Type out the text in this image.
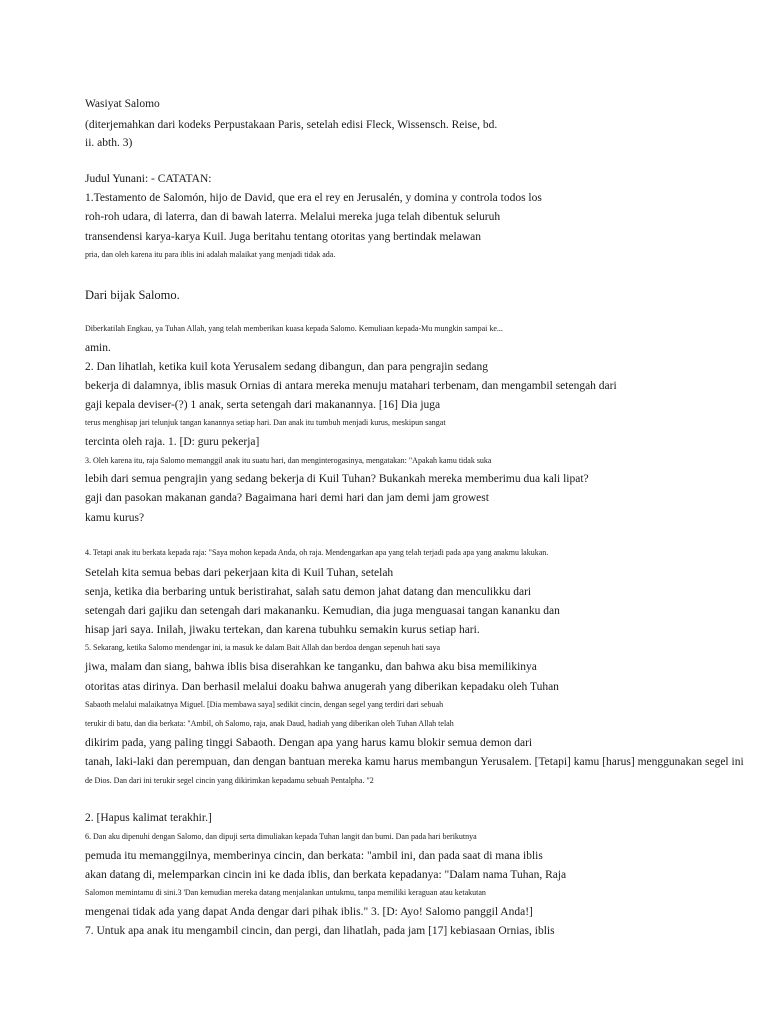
Wasiyat Salomo
(diterjemahkan dari kodeks Perpustakaan Paris, setelah edisi Fleck, Wissensch. Reise, bd.
ii. abth. 3)
Judul Yunani: - CATATAN:
1.Testamento de Salomón, hijo de David, que era el rey en Jerusalén, y domina y controla todos los
roh-roh udara, di laterra, dan di bawah laterra. Melalui mereka juga telah dibentuk seluruh
transendensi karya-karya Kuil. Juga beritahu tentang otoritas yang bertindak melawan
pria, dan oleh karena itu para iblis ini adalah malaikat yang menjadi tidak ada.
Dari bijak Salomo.
Diberkatilah Engkau, ya Tuhan Allah, yang telah memberikan kuasa kepada Salomo. Kemuliaan kepada-Mu mungkin sampai ke...
amin.
2. Dan lihatlah, ketika kuil kota Yerusalem sedang dibangun, dan para pengrajin sedang
bekerja di dalamnya, iblis masuk Ornias di antara mereka menuju matahari terbenam, dan mengambil setengah dari
gaji kepala deviser-(?) 1 anak, serta setengah dari makanannya. [16] Dia juga
terus menghisap jari telunjuk tangan kanannya setiap hari. Dan anak itu tumbuh menjadi kurus, meskipun sangat
tercinta oleh raja. 1. [D: guru pekerja]
3. Oleh karena itu, raja Salomo memanggil anak itu suatu hari, dan menginterogasinya, mengatakan: "Apakah kamu tidak suka
lebih dari semua pengrajin yang sedang bekerja di Kuil Tuhan? Bukankah mereka memberimu dua kali lipat?
gaji dan pasokan makanan ganda? Bagaimana hari demi hari dan jam demi jam growest
kamu kurus?
4. Tetapi anak itu berkata kepada raja: "Saya mohon kepada Anda, oh raja. Mendengarkan apa yang telah terjadi pada apa yang anakmu lakukan.
Setelah kita semua bebas dari pekerjaan kita di Kuil Tuhan, setelah
senja, ketika dia berbaring untuk beristirahat, salah satu demon jahat datang dan menculikku dari
setengah dari gajiku dan setengah dari makananku. Kemudian, dia juga menguasai tangan kananku dan
hisap jari saya. Inilah, jiwaku tertekan, dan karena tubuhku semakin kurus setiap hari.
5. Sekarang, ketika Salomo mendengar ini, ia masuk ke dalam Bait Allah dan berdoa dengan sepenuh hati saya
jiwa, malam dan siang, bahwa iblis bisa diserahkan ke tanganku, dan bahwa aku bisa memilikinya
otoritas atas dirinya. Dan berhasil melalui doaku bahwa anugerah yang diberikan kepadaku oleh Tuhan
Sabaoth melalui malaikatnya Miguel. [Dia membawa saya] sedikit cincin, dengan segel yang terdiri dari sebuah
terukir di batu, dan dia berkata: "Ambil, oh Salomo, raja, anak Daud, hadiah yang diberikan oleh Tuhan Allah telah
dikirim pada, yang paling tinggi Sabaoth. Dengan apa yang harus kamu blokir semua demon dari
tanah, laki-laki dan perempuan, dan dengan bantuan mereka kamu harus membangun Yerusalem. [Tetapi] kamu [harus] menggunakan segel ini
de Dios. Dan dari ini terukir segel cincin yang dikirimkan kepadamu sebuah Pentalpha. "2
2. [Hapus kalimat terakhir.]
6. Dan aku dipenuhi dengan Salomo, dan dipuji serta dimuliakan kepada Tuhan langit dan bumi. Dan pada hari berikutnya
pemuda itu memanggilnya, memberinya cincin, dan berkata: "ambil ini, dan pada saat di mana iblis
akan datang di, melemparkan cincin ini ke dada iblis, dan berkata kepadanya: "Dalam nama Tuhan, Raja
Salomon memintamu di sini.3 'Dan kemudian mereka datang menjalankan untukmu, tanpa memiliki keraguan atau ketakutan
mengenai tidak ada yang dapat Anda dengar dari pihak iblis." 3. [D: Ayo! Salomo panggil Anda!]
7. Untuk apa anak itu mengambil cincin, dan pergi, dan lihatlah, pada jam [17] kebiasaan Ornias, iblis
